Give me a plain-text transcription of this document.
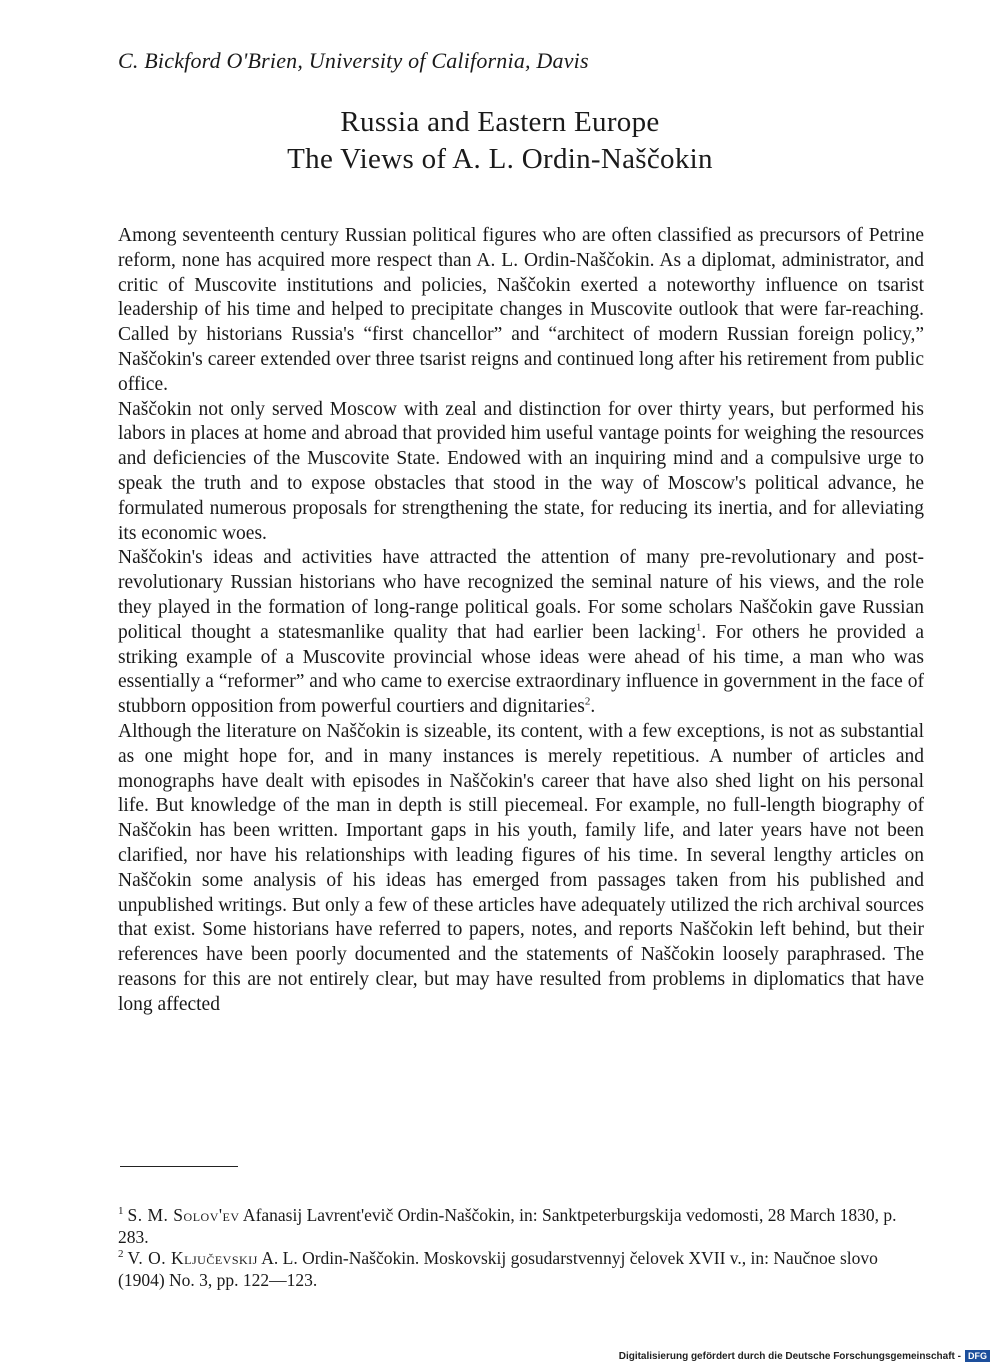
C. Bickford O'Brien, University of California, Davis
Russia and Eastern Europe
The Views of A. L. Ordin-Naščokin

Among seventeenth century Russian political figures who are often classified as precursors of Petrine reform, none has acquired more respect than A. L. Ordin-Naščokin. As a diplomat, administrator, and critic of Muscovite institutions and policies, Naščokin exerted a noteworthy influence on tsarist leadership of his time and helped to precipitate changes in Muscovite outlook that were far-reaching. Called by historians Russia's “first chancellor” and “architect of modern Russian foreign policy,” Naščokin's career extended over three tsarist reigns and continued long after his retirement from public office.

Naščokin not only served Moscow with zeal and distinction for over thirty years, but performed his labors in places at home and abroad that provided him useful vantage points for weighing the resources and deficiencies of the Muscovite State. Endowed with an inquiring mind and a compulsive urge to speak the truth and to expose obstacles that stood in the way of Moscow's political advance, he formulated numerous proposals for strengthening the state, for reducing its inertia, and for alleviating its economic woes.

Naščokin's ideas and activities have attracted the attention of many pre-revolutionary and post-revolutionary Russian historians who have recognized the seminal nature of his views, and the role they played in the formation of long-range political goals. For some scholars Naščokin gave Russian political thought a statesmanlike quality that had earlier been lacking$^1$. For others he provided a striking example of a Muscovite provincial whose ideas were ahead of his time, a man who was essentially a “reformer” and who came to exercise extraordinary influence in government in the face of stubborn opposition from powerful courtiers and dignitaries$^2$.

Although the literature on Naščokin is sizeable, its content, with a few exceptions, is not as substantial as one might hope for, and in many instances is merely repetitious. A number of articles and monographs have dealt with episodes in Naščokin's career that have also shed light on his personal life. But knowledge of the man in depth is still piecemeal. For example, no full-length biography of Naščokin has been written. Important gaps in his youth, family life, and later years have not been clarified, nor have his relationships with leading figures of his time. In several lengthy articles on Naščokin some analysis of his ideas has emerged from passages taken from his published and unpublished writings. But only a few of these articles have adequately utilized the rich archival sources that exist. Some historians have referred to papers, notes, and reports Naščokin left behind, but their references have been poorly documented and the statements of Naščokin loosely paraphrased. The reasons for this are not entirely clear, but may have resulted from problems in diplomatics that have long affected

$^1$ S. M. Solov'ev Afanasij Lavrent'evič Ordin-Naščokin, in: Sanktpeterburgskija vedomosti, 28 March 1830, p. 283.

$^2$ V. O. Ključevskij A. L. Ordin-Naščokin. Moskovskij gosudarstvennyj čelovek XVII v., in: Naučnoe slovo (1904) No. 3, pp. 122—123.

Digitalisierung gefördert durch die Deutsche Forschungsgemeinschaft - DFG
